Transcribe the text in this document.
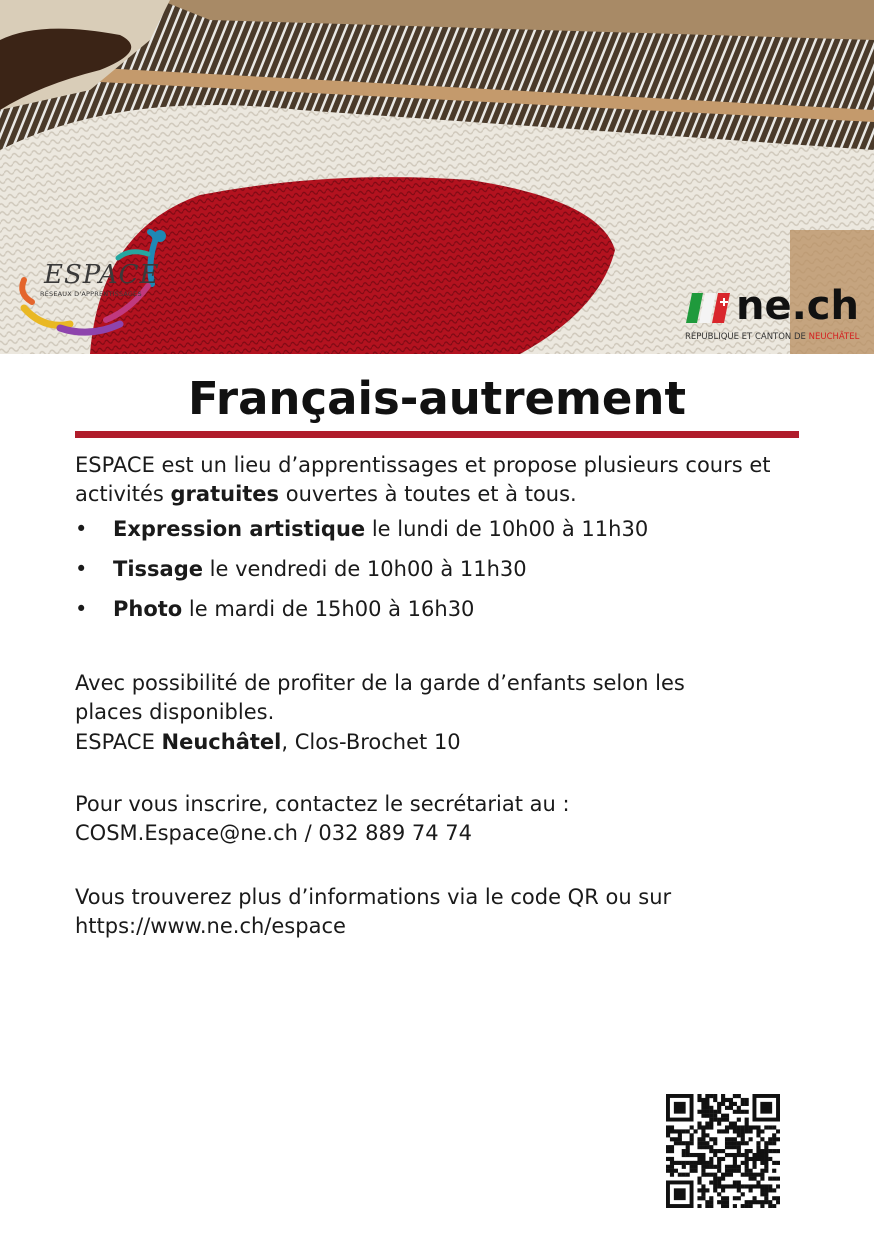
ESPACE
RÉSEAUX D'APPRENTISSAGES	ne.ch
RÉPUBLIQUE ET CANTON DE NEUCHÂTEL
Français-autrement
ESPACE est un lieu d’apprentissages et propose plusieurs cours et activités gratuites ouvertes à toutes et à tous.
• Expression artistique le lundi de 10h00 à 11h30
• Tissage le vendredi de 10h00 à 11h30
• Photo le mardi de 15h00 à 16h30
Avec possibilité de profiter de la garde d’enfants selon les places disponibles.
ESPACE Neuchâtel, Clos-Brochet 10
Pour vous inscrire, contactez le secrétariat au :
COSM.Espace@ne.ch / 032 889 74 74
Vous trouverez plus d’informations via le code QR ou sur
https://www.ne.ch/espace
